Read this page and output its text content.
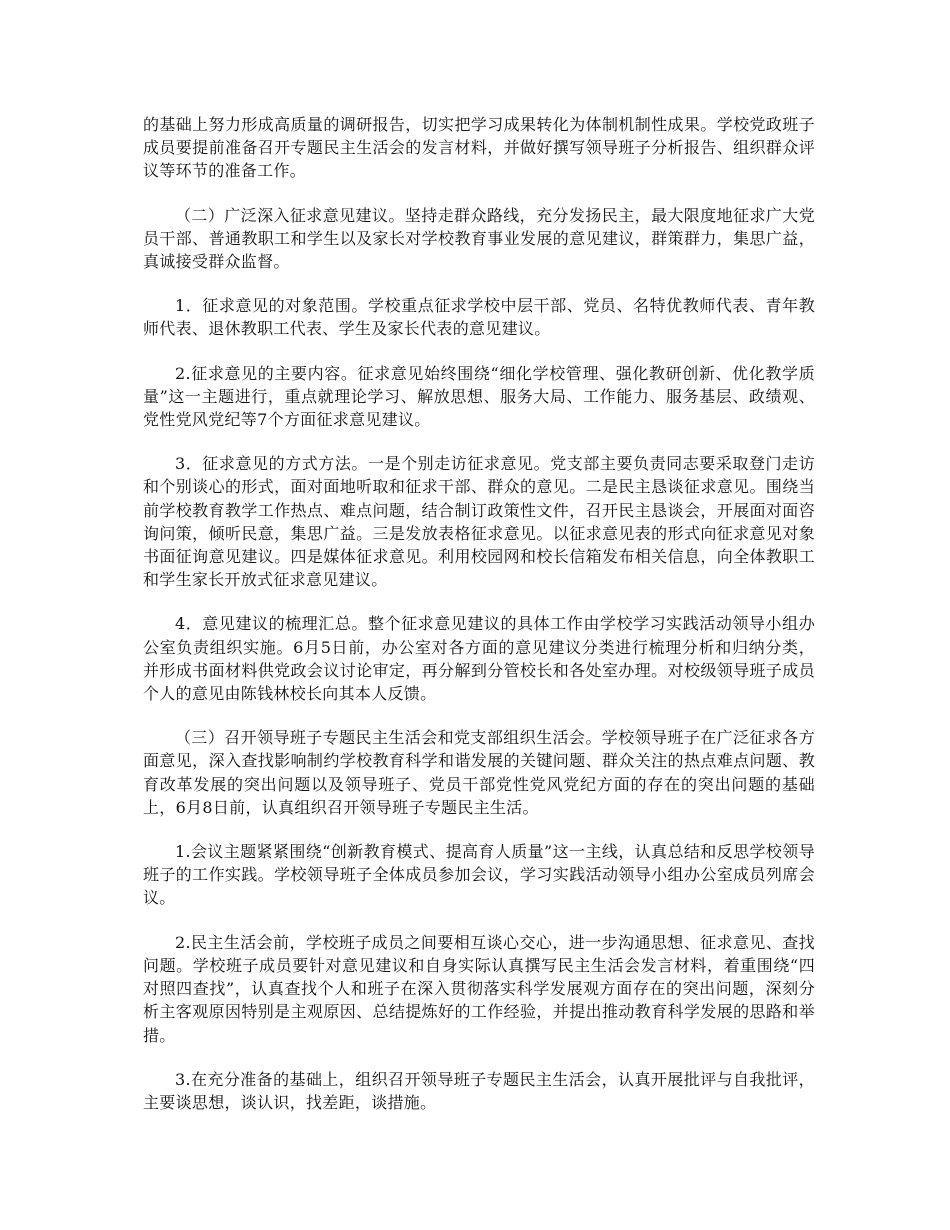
的基础上努力形成高质量的调研报告，切实把学习成果转化为体制机制性成果。学校党政班子成员要提前准备召开专题民主生活会的发言材料，并做好撰写领导班子分析报告、组织群众评议等环节的准备工作。

（二）广泛深入征求意见建议。坚持走群众路线，充分发扬民主，最大限度地征求广大党员干部、普通教职工和学生以及家长对学校教育事业发展的意见建议，群策群力，集思广益，真诚接受群众监督。

1．征求意见的对象范围。学校重点征求学校中层干部、党员、名特优教师代表、青年教师代表、退休教职工代表、学生及家长代表的意见建议。

2.征求意见的主要内容。征求意见始终围绕“细化学校管理、强化教研创新、优化教学质量”这一主题进行，重点就理论学习、解放思想、服务大局、工作能力、服务基层、政绩观、党性党风党纪等7个方面征求意见建议。

3．征求意见的方式方法。一是个别走访征求意见。党支部主要负责同志要采取登门走访和个别谈心的形式，面对面地听取和征求干部、群众的意见。二是民主恳谈征求意见。围绕当前学校教育教学工作热点、难点问题，结合制订政策性文件，召开民主恳谈会，开展面对面咨询问策，倾听民意，集思广益。三是发放表格征求意见。以征求意见表的形式向征求意见对象书面征询意见建议。四是媒体征求意见。利用校园网和校长信箱发布相关信息，向全体教职工和学生家长开放式征求意见建议。

4．意见建议的梳理汇总。整个征求意见建议的具体工作由学校学习实践活动领导小组办公室负责组织实施。6月5日前，办公室对各方面的意见建议分类进行梳理分析和归纳分类，并形成书面材料供党政会议讨论审定，再分解到分管校长和各处室办理。对校级领导班子成员个人的意见由陈钱林校长向其本人反馈。

（三）召开领导班子专题民主生活会和党支部组织生活会。学校领导班子在广泛征求各方面意见，深入查找影响制约学校教育科学和谐发展的关键问题、群众关注的热点难点问题、教育改革发展的突出问题以及领导班子、党员干部党性党风党纪方面的存在的突出问题的基础上，6月8日前，认真组织召开领导班子专题民主生活。

1.会议主题紧紧围绕“创新教育模式、提高育人质量”这一主线，认真总结和反思学校领导班子的工作实践。学校领导班子全体成员参加会议，学习实践活动领导小组办公室成员列席会议。

2.民主生活会前，学校班子成员之间要相互谈心交心，进一步沟通思想、征求意见、查找问题。学校班子成员要针对意见建议和自身实际认真撰写民主生活会发言材料，着重围绕“四对照四查找”，认真查找个人和班子在深入贯彻落实科学发展观方面存在的突出问题，深刻分析主客观原因特别是主观原因、总结提炼好的工作经验，并提出推动教育科学发展的思路和举措。

3.在充分准备的基础上，组织召开领导班子专题民主生活会，认真开展批评与自我批评，主要谈思想，谈认识，找差距，谈措施。
